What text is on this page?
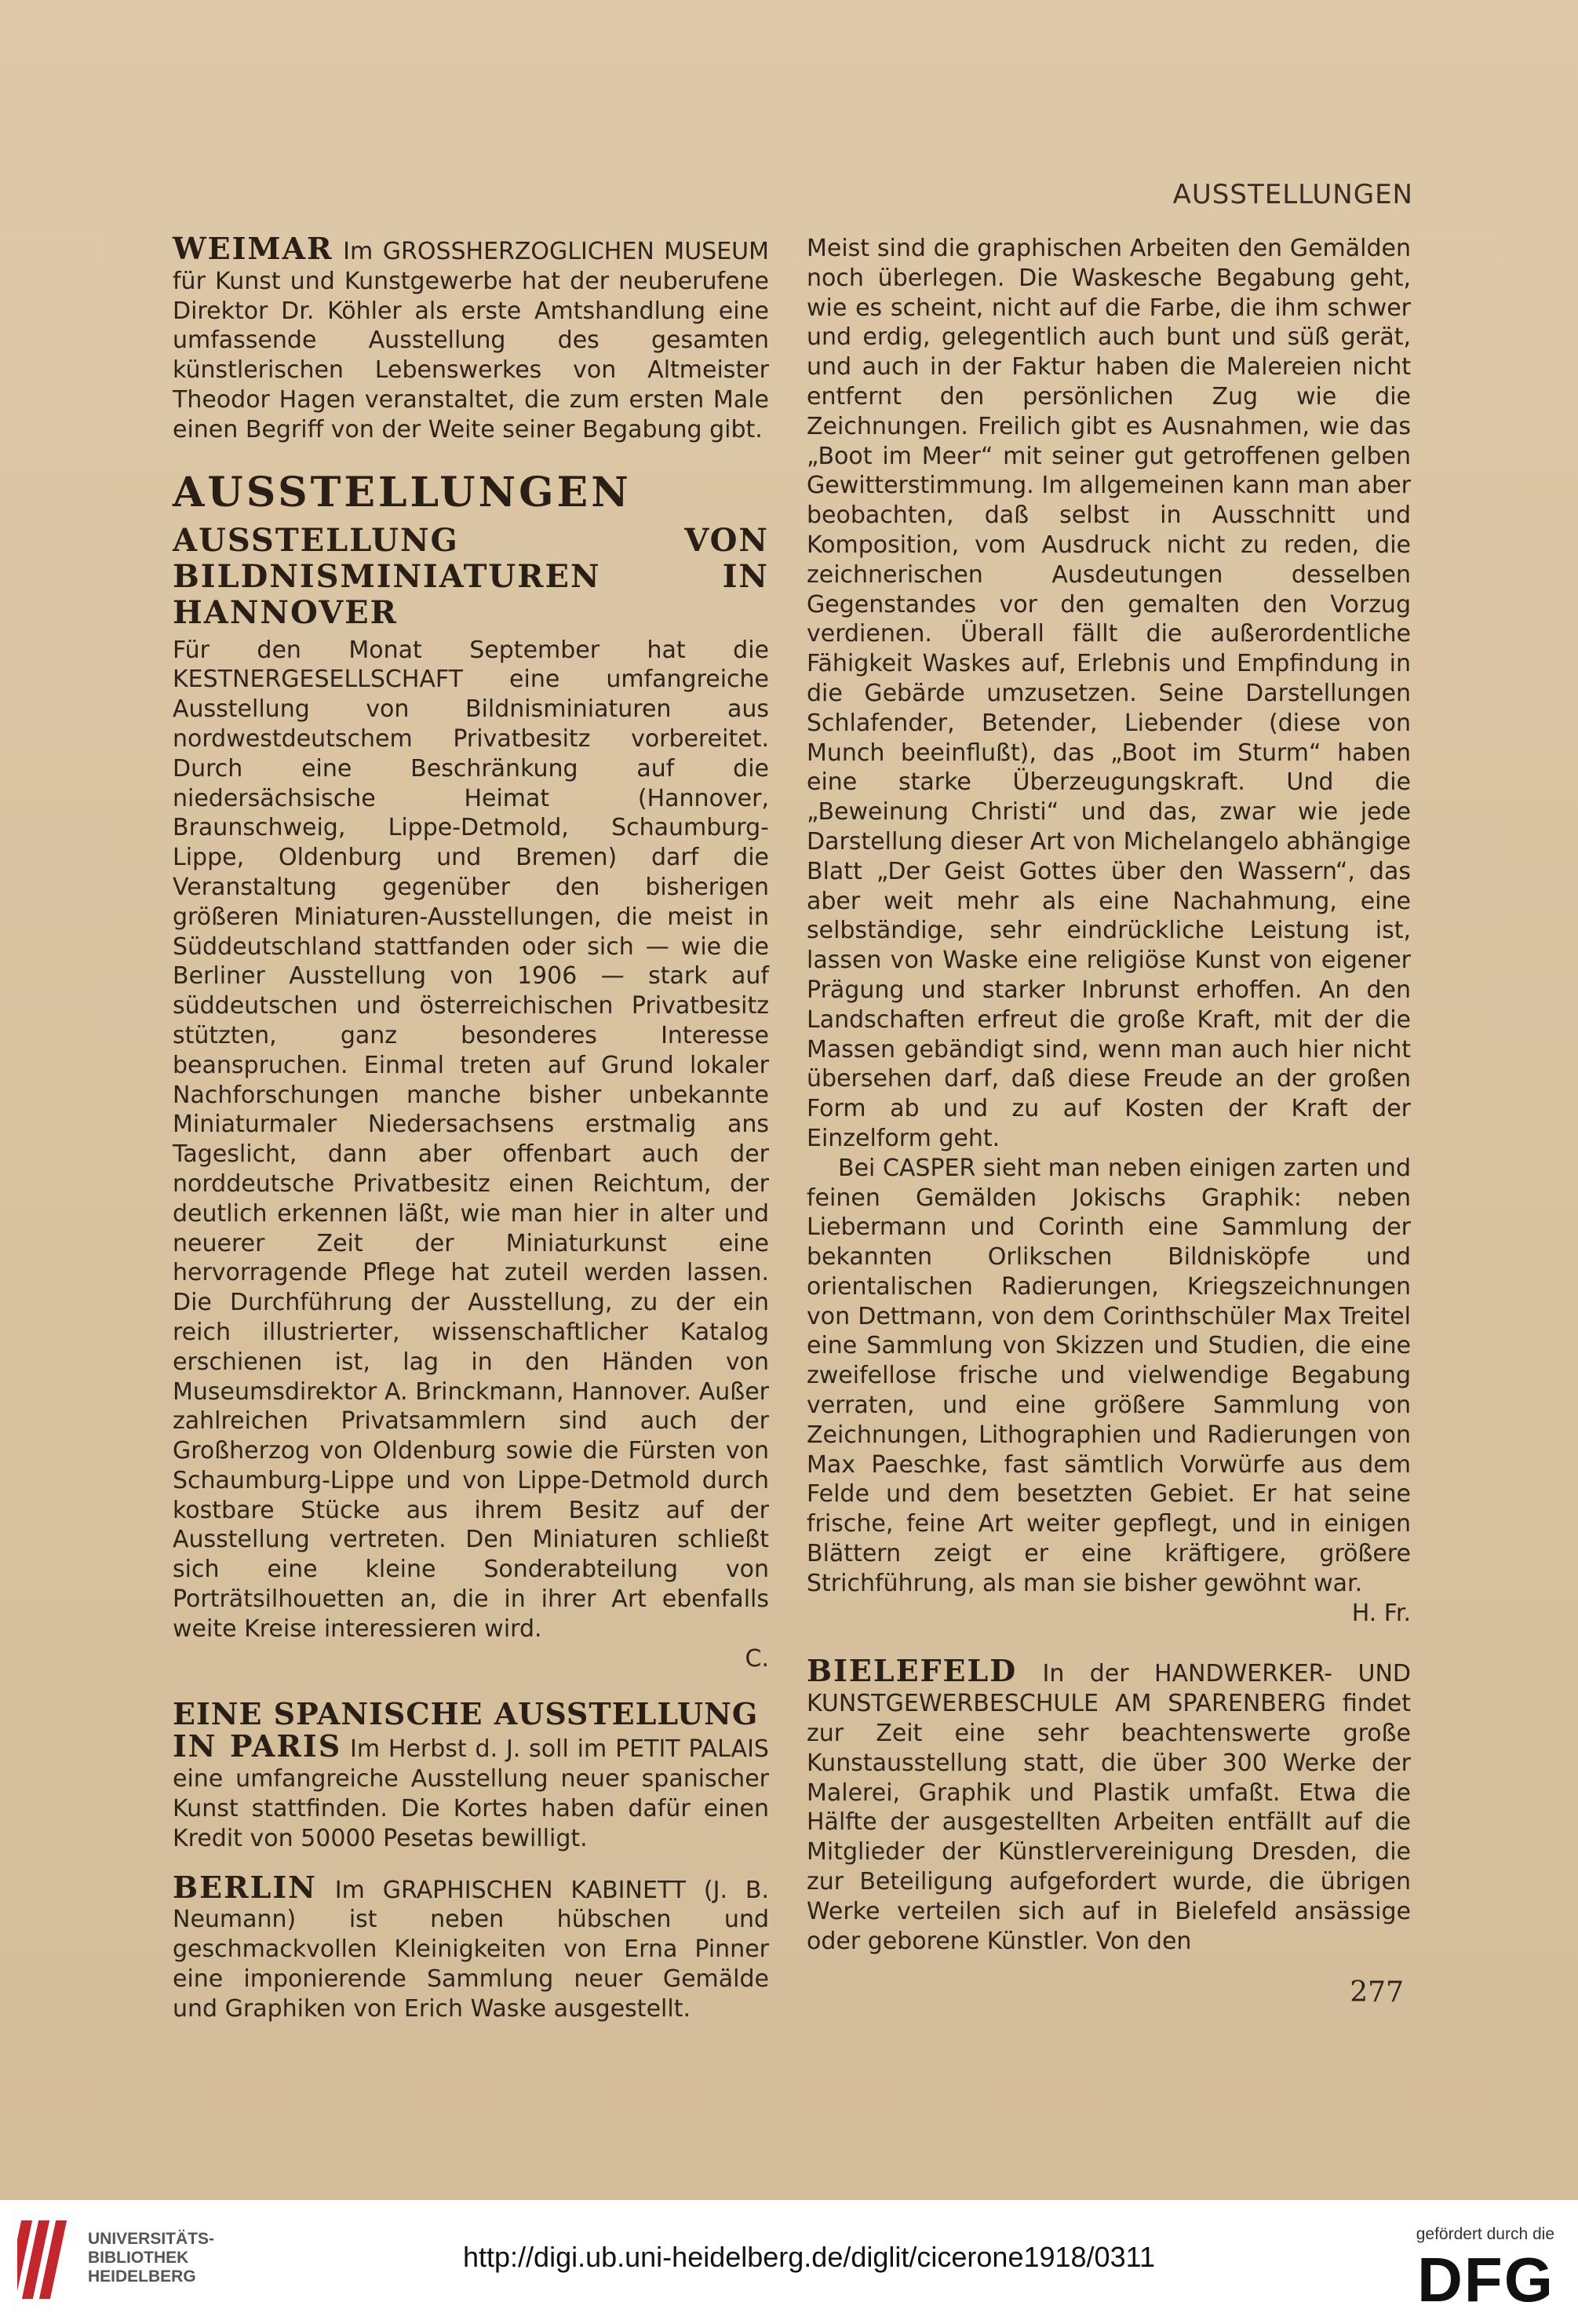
AUSSTELLUNGEN

WEIMAR Im GROSSHERZOGLICHEN MUSEUM für Kunst und Kunstgewerbe hat der neuberufene Direktor Dr. Köhler als erste Amtshandlung eine umfassende Ausstellung des gesamten künstlerischen Lebenswerkes von Altmeister Theodor Hagen veranstaltet, die zum ersten Male einen Begriff von der Weite seiner Begabung gibt.

AUSSTELLUNGEN
AUSSTELLUNG VON BILDNISMINIATUREN IN HANNOVER

Für den Monat September hat die KESTNERGESELLSCHAFT eine umfangreiche Ausstellung von Bildnisminiaturen aus nordwestdeutschem Privatbesitz vorbereitet. Durch eine Beschränkung auf die niedersächsische Heimat (Hannover, Braunschweig, Lippe-Detmold, Schaumburg-Lippe, Oldenburg und Bremen) darf die Veranstaltung gegenüber den bisherigen größeren Miniaturen-Ausstellungen, die meist in Süddeutschland stattfanden oder sich — wie die Berliner Ausstellung von 1906 — stark auf süddeutschen und österreichischen Privatbesitz stützten, ganz besonderes Interesse beanspruchen. Einmal treten auf Grund lokaler Nachforschungen manche bisher unbekannte Miniaturmaler Niedersachsens erstmalig ans Tageslicht, dann aber offenbart auch der norddeutsche Privatbesitz einen Reichtum, der deutlich erkennen läßt, wie man hier in alter und neuerer Zeit der Miniaturkunst eine hervorragende Pflege hat zuteil werden lassen. Die Durchführung der Ausstellung, zu der ein reich illustrierter, wissenschaftlicher Katalog erschienen ist, lag in den Händen von Museumsdirektor A. Brinckmann, Hannover. Außer zahlreichen Privatsammlern sind auch der Großherzog von Oldenburg sowie die Fürsten von Schaumburg-Lippe und von Lippe-Detmold durch kostbare Stücke aus ihrem Besitz auf der Ausstellung vertreten. Den Miniaturen schließt sich eine kleine Sonderabteilung von Porträtsilhouetten an, die in ihrer Art ebenfalls weite Kreise interessieren wird.

C.
EINE SPANISCHE AUSSTELLUNG

IN PARIS Im Herbst d. J. soll im PETIT PALAIS eine umfangreiche Ausstellung neuer spanischer Kunst stattfinden. Die Kortes haben dafür einen Kredit von 50000 Pesetas bewilligt.

BERLIN Im GRAPHISCHEN KABINETT (J. B. Neumann) ist neben hübschen und geschmackvollen Kleinigkeiten von Erna Pinner eine imponierende Sammlung neuer Gemälde und Graphiken von Erich Waske ausgestellt.

Meist sind die graphischen Arbeiten den Gemälden noch überlegen. Die Waskesche Begabung geht, wie es scheint, nicht auf die Farbe, die ihm schwer und erdig, gelegentlich auch bunt und süß gerät, und auch in der Faktur haben die Malereien nicht entfernt den persönlichen Zug wie die Zeichnungen. Freilich gibt es Ausnahmen, wie das „Boot im Meer“ mit seiner gut getroffenen gelben Gewitterstimmung. Im allgemeinen kann man aber beobachten, daß selbst in Ausschnitt und Komposition, vom Ausdruck nicht zu reden, die zeichnerischen Ausdeutungen desselben Gegenstandes vor den gemalten den Vorzug verdienen. Überall fällt die außerordentliche Fähigkeit Waskes auf, Erlebnis und Empfindung in die Gebärde umzusetzen. Seine Darstellungen Schlafender, Betender, Liebender (diese von Munch beeinflußt), das „Boot im Sturm“ haben eine starke Überzeugungskraft. Und die „Beweinung Christi“ und das, zwar wie jede Darstellung dieser Art von Michelangelo abhängige Blatt „Der Geist Gottes über den Wassern“, das aber weit mehr als eine Nachahmung, eine selbständige, sehr eindrückliche Leistung ist, lassen von Waske eine religiöse Kunst von eigener Prägung und starker Inbrunst erhoffen. An den Landschaften erfreut die große Kraft, mit der die Massen gebändigt sind, wenn man auch hier nicht übersehen darf, daß diese Freude an der großen Form ab und zu auf Kosten der Kraft der Einzelform geht.

Bei CASPER sieht man neben einigen zarten und feinen Gemälden Jokischs Graphik: neben Liebermann und Corinth eine Sammlung der bekannten Orlikschen Bildnisköpfe und orientalischen Radierungen, Kriegszeichnungen von Dettmann, von dem Corinthschüler Max Treitel eine Sammlung von Skizzen und Studien, die eine zweifellose frische und vielwendige Begabung verraten, und eine größere Sammlung von Zeichnungen, Lithographien und Radierungen von Max Paeschke, fast sämtlich Vorwürfe aus dem Felde und dem besetzten Gebiet. Er hat seine frische, feine Art weiter gepflegt, und in einigen Blättern zeigt er eine kräftigere, größere Strichführung, als man sie bisher gewöhnt war.

H. Fr.

BIELEFELD In der HANDWERKER- UND KUNSTGEWERBESCHULE AM SPARENBERG findet zur Zeit eine sehr beachtenswerte große Kunstausstellung statt, die über 300 Werke der Malerei, Graphik und Plastik umfaßt. Etwa die Hälfte der ausgestellten Arbeiten entfällt auf die Mitglieder der Künstlervereinigung Dresden, die zur Beteiligung aufgefordert wurde, die übrigen Werke verteilen sich auf in Bielefeld ansässige oder geborene Künstler. Von den

277
UNIVERSITÄTS-
BIBLIOTHEK
HEIDELBERG
http://digi.ub.uni-heidelberg.de/diglit/cicerone1918/0311
gefördert durch die
DFG
